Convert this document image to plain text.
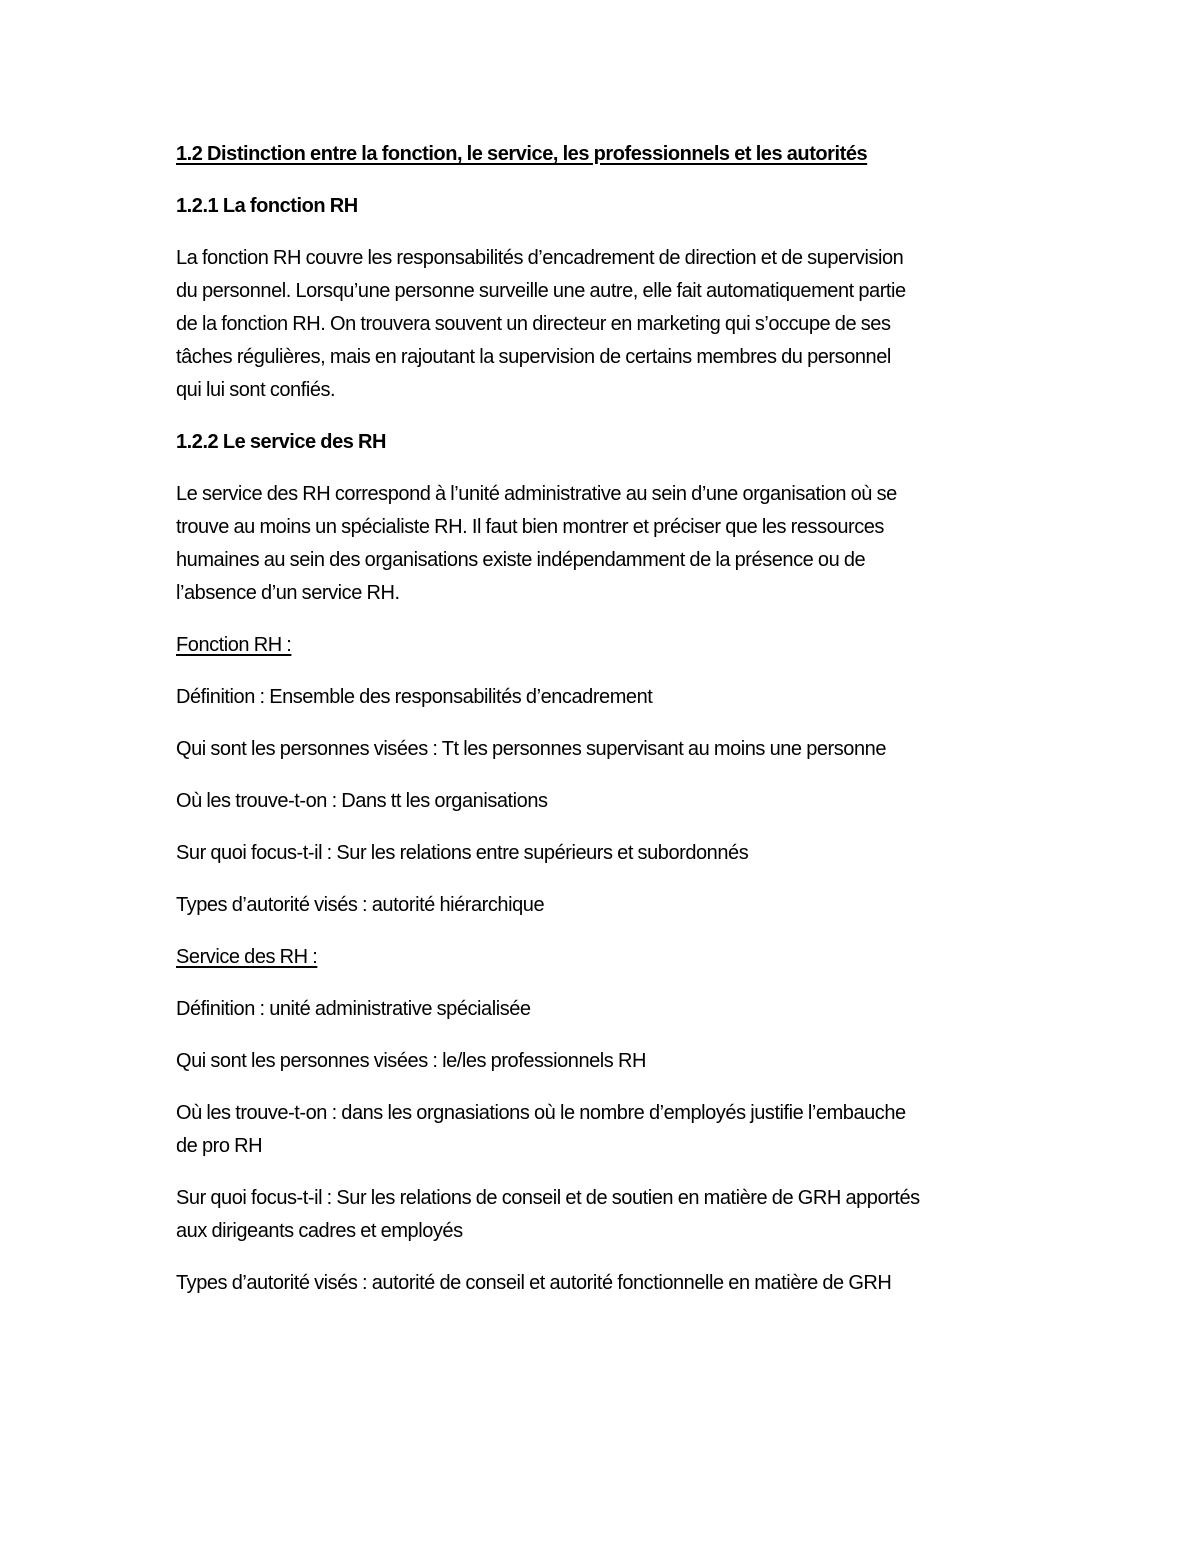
1.2 Distinction entre la fonction, le service, les professionnels et les autorités

1.2.1 La fonction RH

La fonction RH couvre les responsabilités d’encadrement de direction et de supervision
du personnel. Lorsqu’une personne surveille une autre, elle fait automatiquement partie
de la fonction RH. On trouvera souvent un directeur en marketing qui s’occupe de ses
tâches régulières, mais en rajoutant la supervision de certains membres du personnel
qui lui sont confiés.

1.2.2 Le service des RH

Le service des RH correspond à l’unité administrative au sein d’une organisation où se
trouve au moins un spécialiste RH. Il faut bien montrer et préciser que les ressources
humaines au sein des organisations existe indépendamment de la présence ou de
l’absence d’un service RH.

Fonction RH :

Définition : Ensemble des responsabilités d’encadrement

Qui sont les personnes visées : Tt les personnes supervisant au moins une personne

Où les trouve-t-on : Dans tt les organisations

Sur quoi focus-t-il : Sur les relations entre supérieurs et subordonnés

Types d’autorité visés : autorité hiérarchique

Service des RH :

Définition : unité administrative spécialisée

Qui sont les personnes visées : le/les professionnels RH

Où les trouve-t-on : dans les orgnasiations où le nombre d’employés justifie l’embauche
de pro RH

Sur quoi focus-t-il : Sur les relations de conseil et de soutien en matière de GRH apportés
aux dirigeants cadres et employés

Types d’autorité visés : autorité de conseil et autorité fonctionnelle en matière de GRH
